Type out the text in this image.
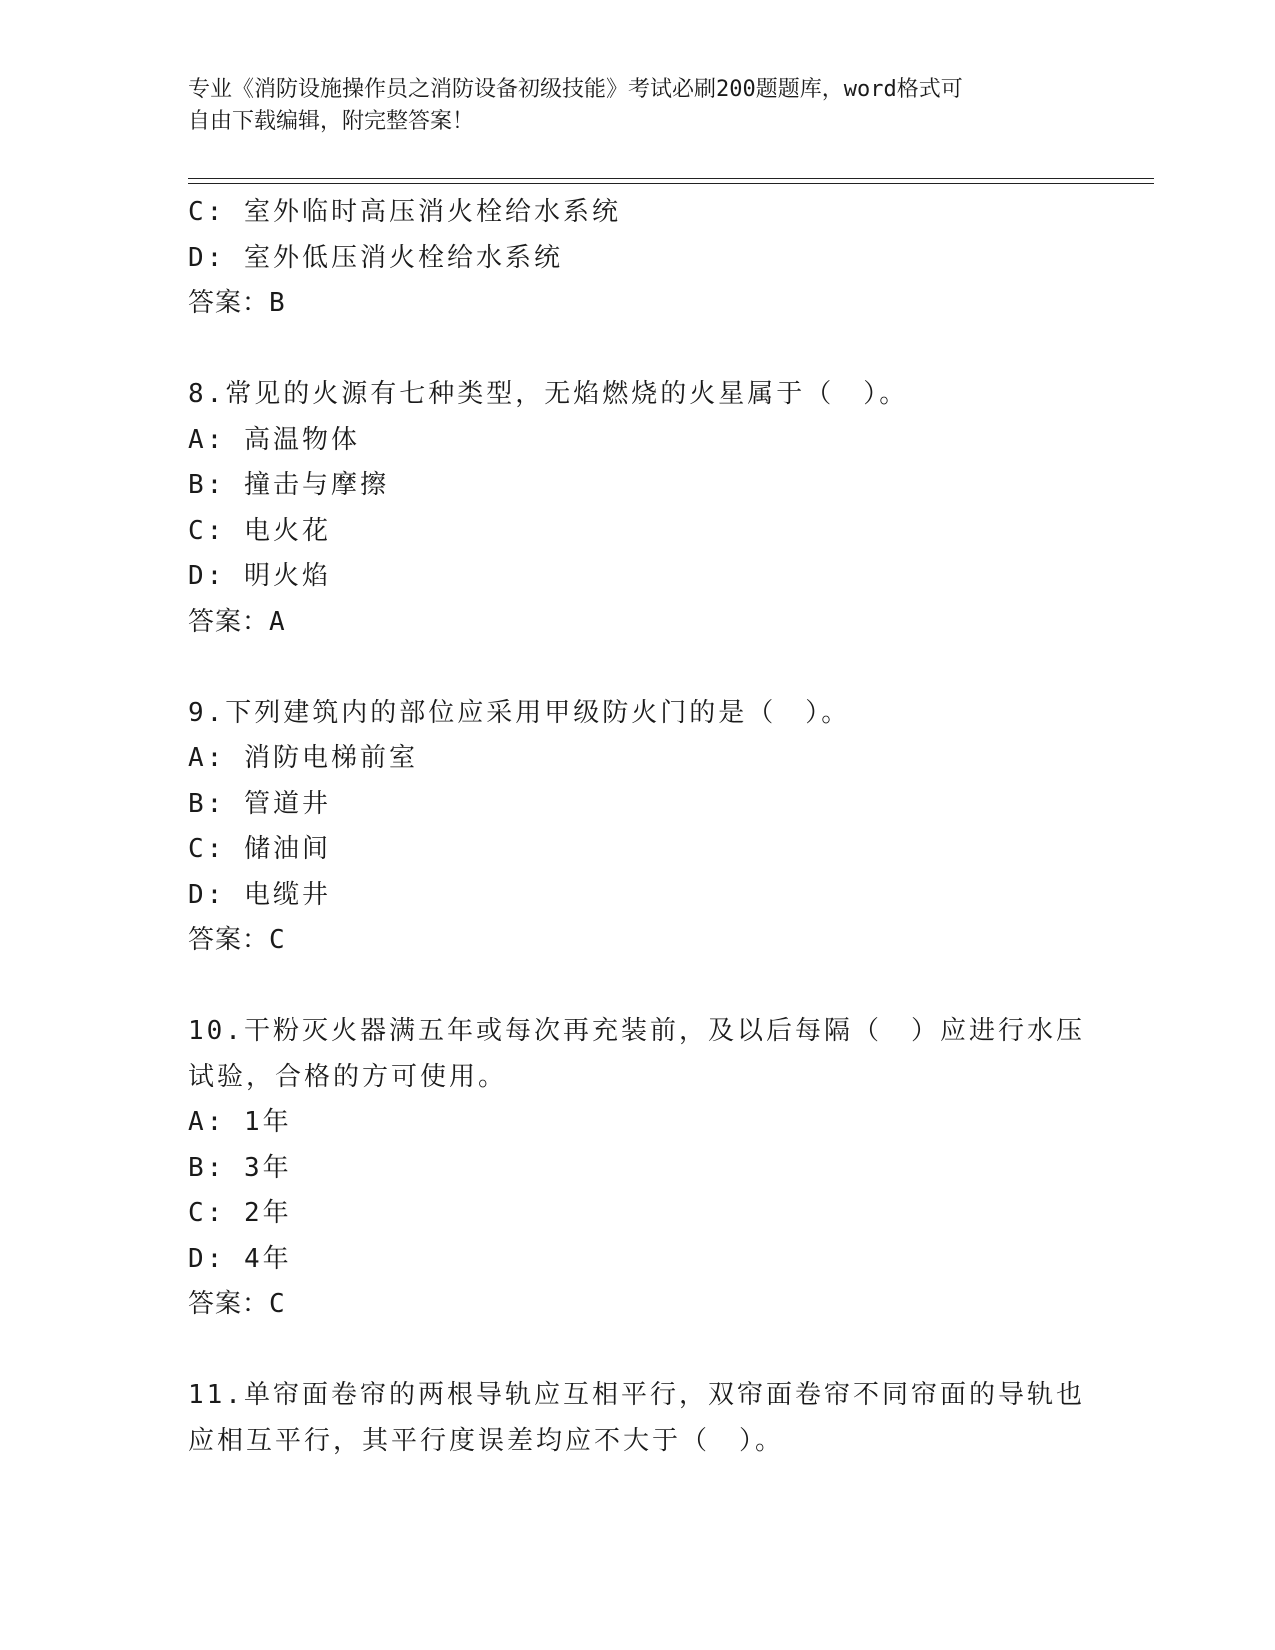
专业《消防设施操作员之消防设备初级技能》考试必刷200题题库，word格式可
自由下载编辑，附完整答案！
C: 室外临时高压消火栓给水系统
D: 室外低压消火栓给水系统
答案：B
8.常见的火源有七种类型，无焰燃烧的火星属于（　）。
A: 高温物体
B: 撞击与摩擦
C: 电火花
D: 明火焰
答案：A
9.下列建筑内的部位应采用甲级防火门的是（　）。
A: 消防电梯前室
B: 管道井
C: 储油间
D: 电缆井
答案：C
10.干粉灭火器满五年或每次再充装前，及以后每隔（　）应进行水压
试验，合格的方可使用。
A: 1年
B: 3年
C: 2年
D: 4年
答案：C
11.单帘面卷帘的两根导轨应互相平行，双帘面卷帘不同帘面的导轨也
应相互平行，其平行度误差均应不大于（　）。
